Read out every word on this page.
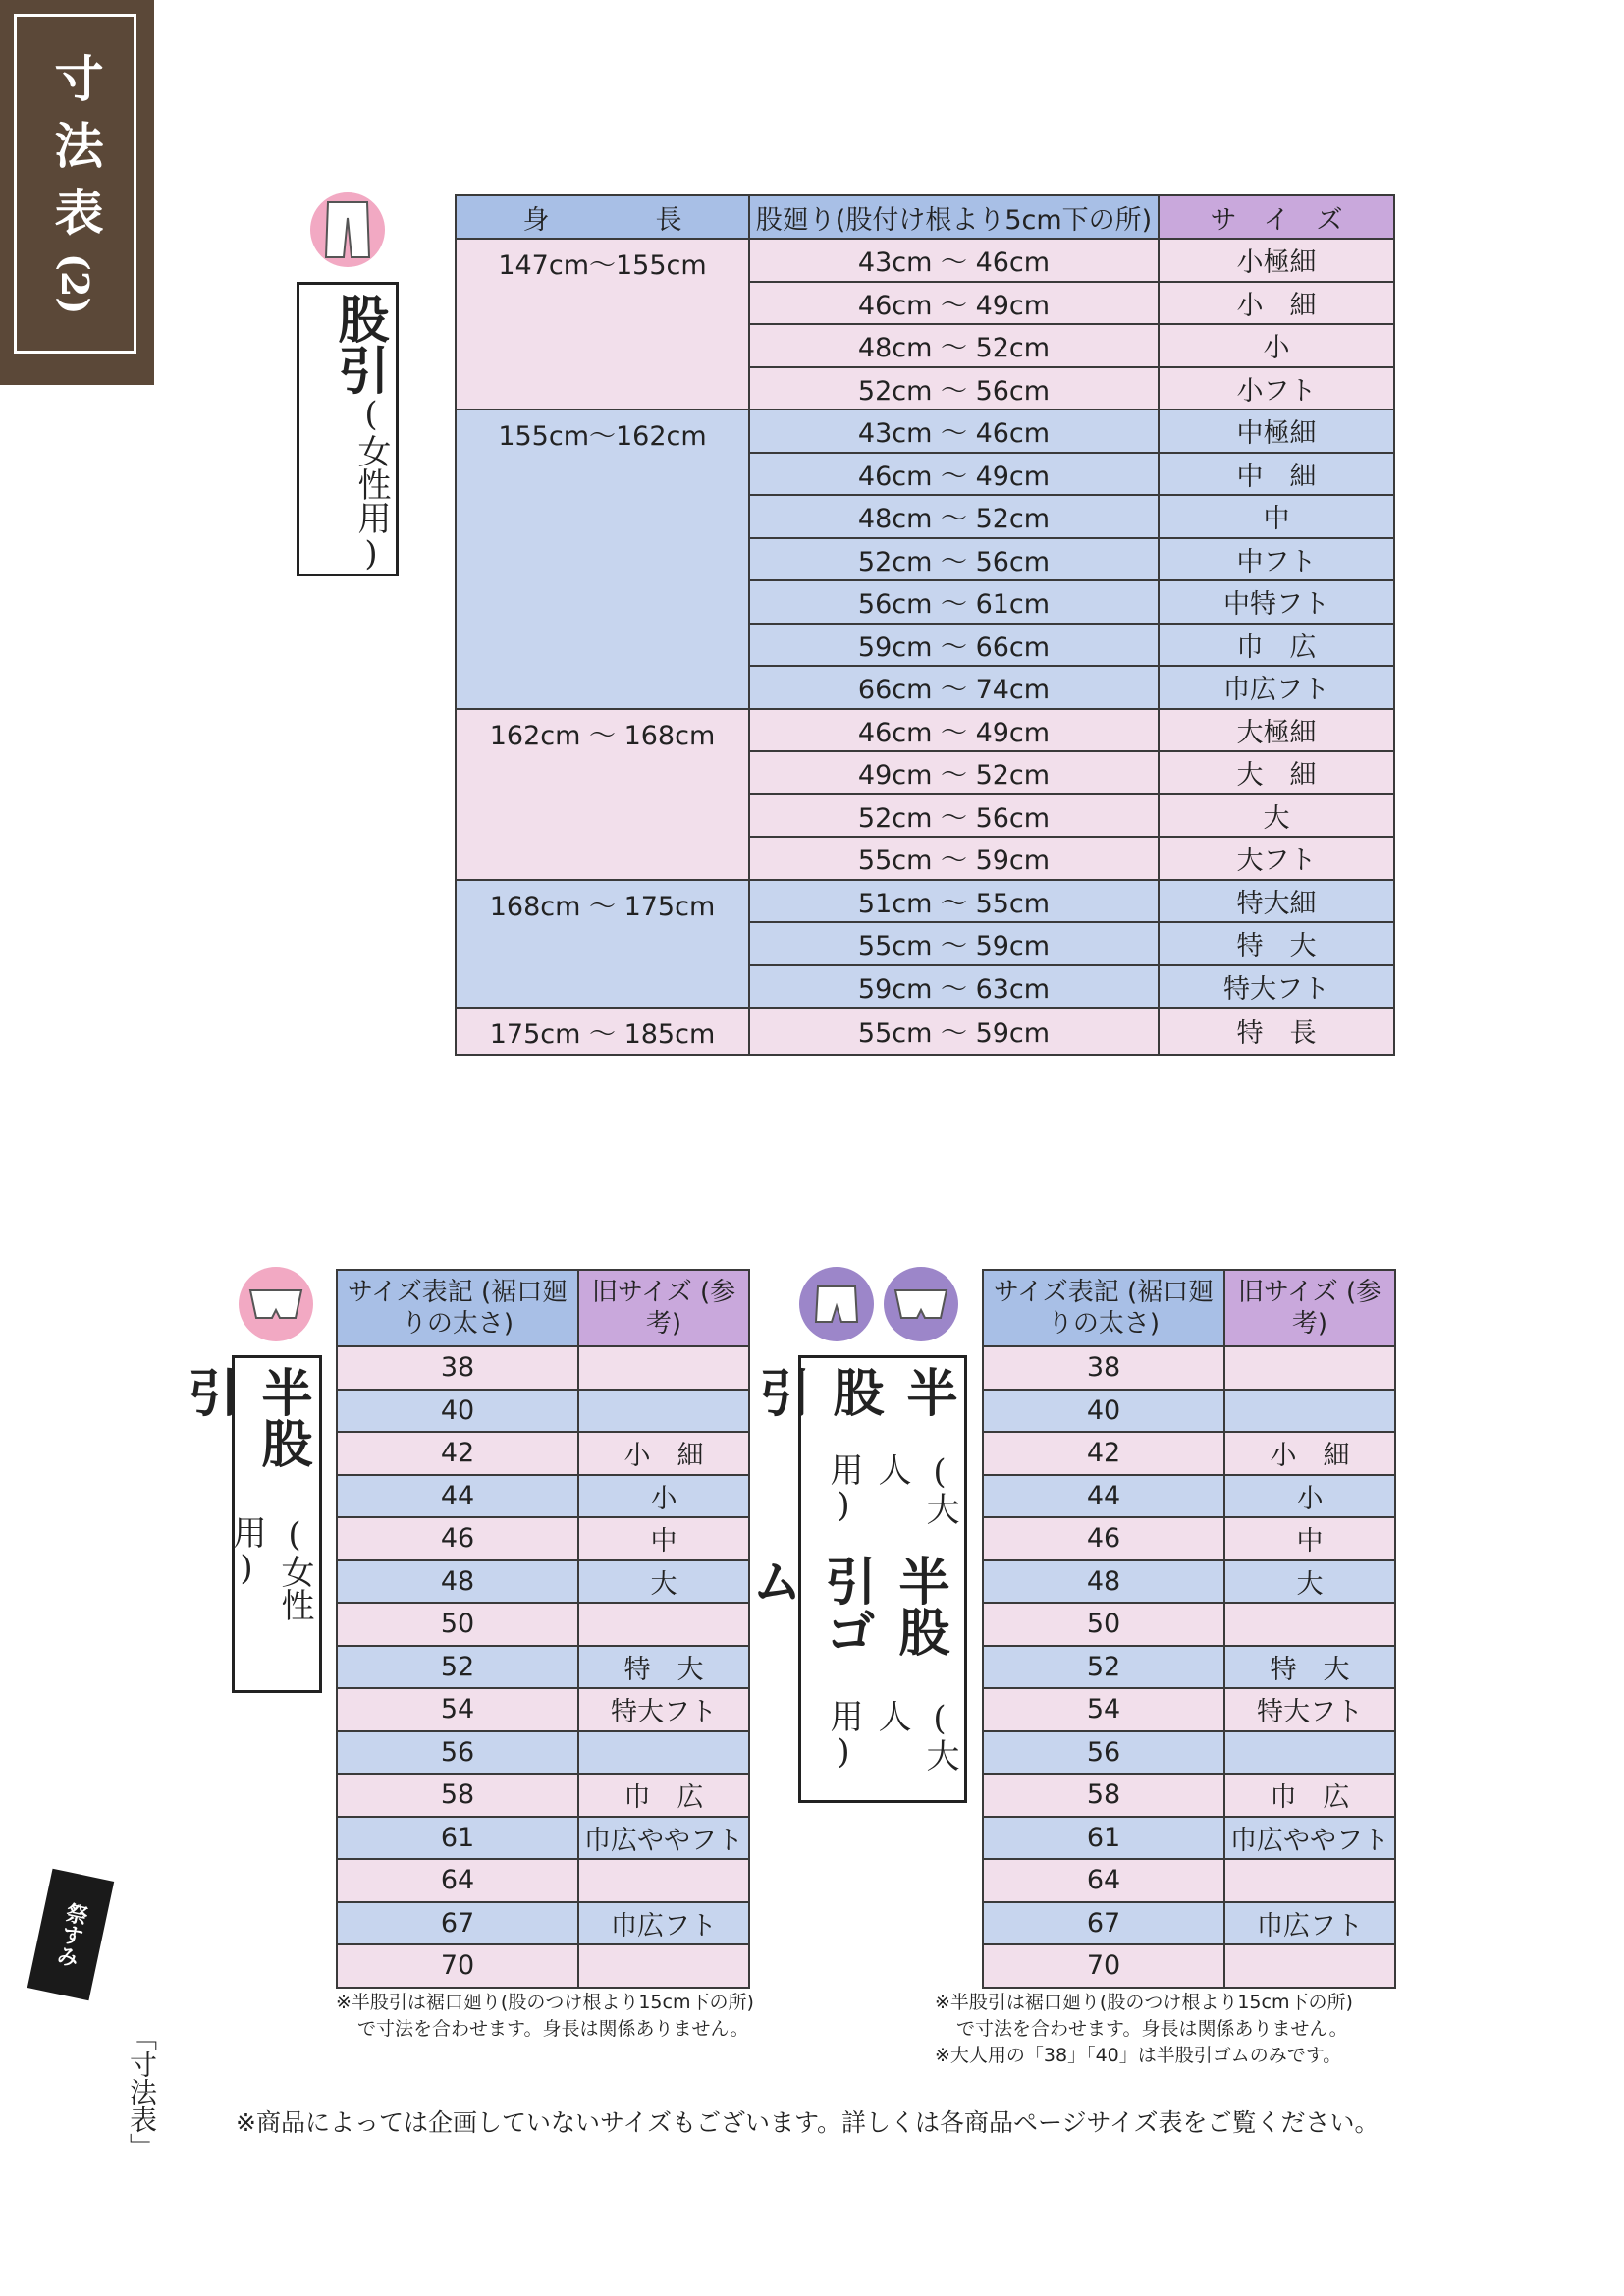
寸法表
(2)
股引
(女性用)
身　　　　長	股廻り(股付け根より5cm下の所)	サ　イ　ズ
147cm～155cm	43cm ～ 46cm	小極細
	46cm ～ 49cm	小　細
	48cm ～ 52cm	小
	52cm ～ 56cm	小フト
155cm～162cm	43cm ～ 46cm	中極細
	46cm ～ 49cm	中　細
	48cm ～ 52cm	中
	52cm ～ 56cm	中フト
	56cm ～ 61cm	中特フト
	59cm ～ 66cm	巾　広
	66cm ～ 74cm	巾広フト
162cm ～ 168cm	46cm ～ 49cm	大極細
	49cm ～ 52cm	大　細
	52cm ～ 56cm	大
	55cm ～ 59cm	大フト
168cm ～ 175cm	51cm ～ 55cm	特大細
	55cm ～ 59cm	特　大
	59cm ～ 63cm	特大フト
175cm ～ 185cm	55cm ～ 59cm	特　長
半股引
(女性用)
サイズ表記 (裾口廻りの太さ)	旧サイズ (参考)
38	
40	
42	小　細
44	小
46	中
48	大
50	
52	特　大
54	特大フト
56	
58	巾　広
61	巾広ややフト
64	
67	巾広フト
70	
※半股引は裾口廻り(股のつけ根より15cm下の所)
で寸法を合わせます。身長は関係ありません。
半股引
(大人用)
半股引ゴム
(大人用)
サイズ表記 (裾口廻りの太さ)	旧サイズ (参考)
38	
40	
42	小　細
44	小
46	中
48	大
50	
52	特　大
54	特大フト
56	
58	巾　広
61	巾広ややフト
64	
67	巾広フト
70	
※半股引は裾口廻り(股のつけ根より15cm下の所)
で寸法を合わせます。身長は関係ありません。
※大人用の「38」「40」は半股引ゴムのみです。
※商品によっては企画していないサイズもございます。詳しくは各商品ページサイズ表をご覧ください。
「寸法表」
祭すみ
